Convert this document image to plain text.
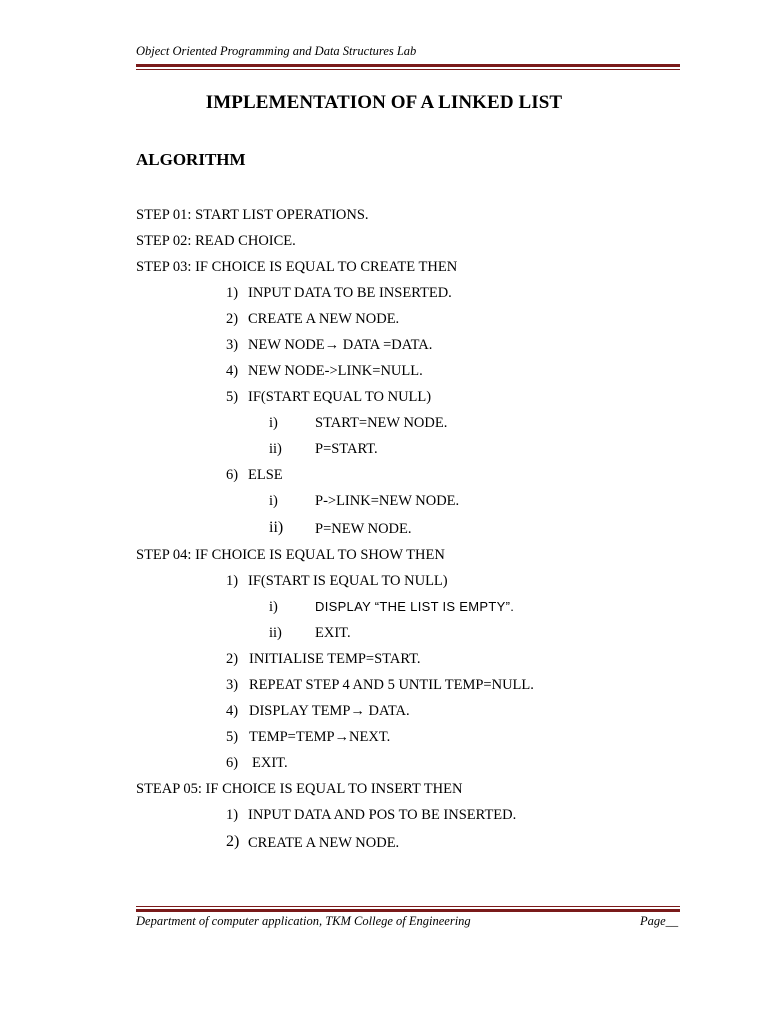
Object Oriented Programming and Data Structures Lab
IMPLEMENTATION OF A LINKED LIST
ALGORITHM
STEP 01: START LIST OPERATIONS.
STEP 02: READ CHOICE.
STEP 03: IF CHOICE IS EQUAL TO CREATE THEN
1) INPUT DATA TO BE INSERTED.
2) CREATE A NEW NODE.
3) NEW NODE→ DATA =DATA.
4) NEW NODE->LINK=NULL.
5) IF(START EQUAL TO NULL)
i)	START=NEW NODE.
ii) P=START.
6) ELSE
i)	P->LINK=NEW NODE.
ii) P=NEW NODE.
STEP 04: IF CHOICE IS EQUAL TO SHOW THEN
1) IF(START IS EQUAL TO NULL)
i)	DISPLAY “THE LIST IS EMPTY”.
ii) EXIT.
2) INITIALISE TEMP=START.
3) REPEAT STEP 4 AND 5 UNTIL TEMP=NULL.
4) DISPLAY TEMP→ DATA.
5) TEMP=TEMP→NEXT.
6) EXIT.
STEAP 05: IF CHOICE IS EQUAL TO INSERT THEN
1) INPUT DATA AND POS TO BE INSERTED.
2) CREATE A NEW NODE.
Department of computer application, TKM College of Engineering	Page__
